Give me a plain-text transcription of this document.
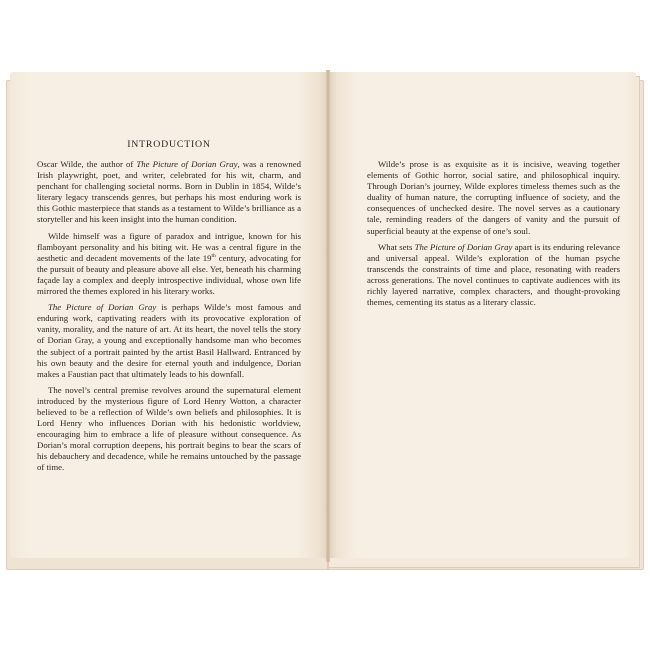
INTRODUCTION

Oscar Wilde, the author of The Picture of Dorian Gray, was a renowned Irish playwright, poet, and writer, celebrated for his wit, charm, and penchant for challenging societal norms. Born in Dublin in 1854, Wilde’s literary legacy transcends genres, but perhaps his most enduring work is this Gothic masterpiece that stands as a testament to Wilde’s brilliance as a storyteller and his keen insight into the human condition.

Wilde himself was a figure of paradox and intrigue, known for his flamboyant personality and his biting wit. He was a central figure in the aesthetic and decadent movements of the late 19th century, advocating for the pursuit of beauty and pleasure above all else. Yet, beneath his charming façade lay a complex and deeply introspective individual, whose own life mirrored the themes explored in his literary works.

The Picture of Dorian Gray is perhaps Wilde’s most famous and enduring work, captivating readers with its provocative exploration of vanity, morality, and the nature of art. At its heart, the novel tells the story of Dorian Gray, a young and exceptionally handsome man who becomes the subject of a portrait painted by the artist Basil Hallward. Entranced by his own beauty and the desire for eternal youth and indulgence, Dorian makes a Faustian pact that ultimately leads to his downfall.

The novel’s central premise revolves around the supernatural element introduced by the mysterious figure of Lord Henry Wotton, a character believed to be a reflection of Wilde’s own beliefs and philosophies. It is Lord Henry who influences Dorian with his hedonistic worldview, encouraging him to embrace a life of pleasure without consequence. As Dorian’s moral corruption deepens, his portrait begins to bear the scars of his debauchery and decadence, while he remains untouched by the passage of time.

Wilde’s prose is as exquisite as it is incisive, weaving together elements of Gothic horror, social satire, and philosophical inquiry. Through Dorian’s journey, Wilde explores timeless themes such as the duality of human nature, the corrupting influence of society, and the consequences of unchecked desire. The novel serves as a cautionary tale, reminding readers of the dangers of vanity and the pursuit of superficial beauty at the expense of one’s soul.

What sets The Picture of Dorian Gray apart is its enduring relevance and universal appeal. Wilde’s exploration of the human psyche transcends the constraints of time and place, resonating with readers across generations. The novel continues to captivate audiences with its richly layered narrative, complex characters, and thought-provoking themes, cementing its status as a literary classic.
